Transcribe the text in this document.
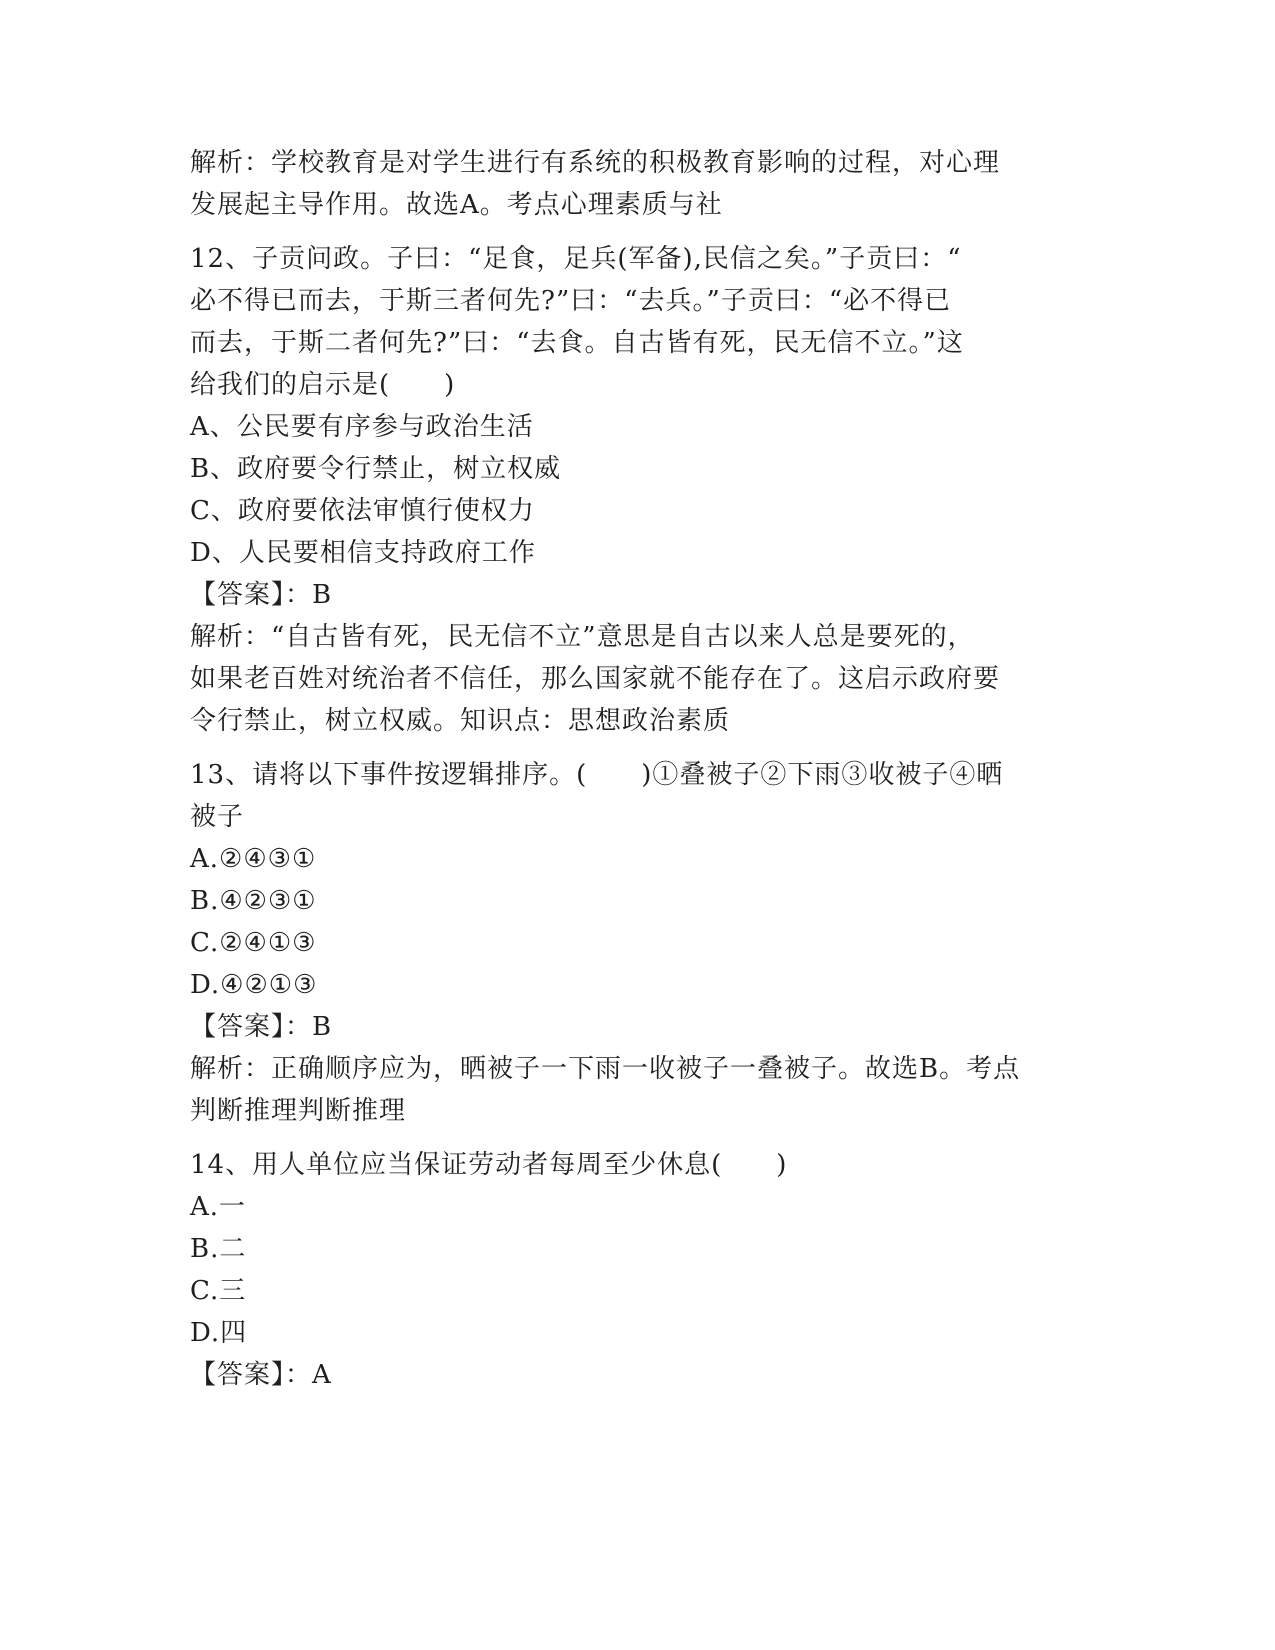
解析：学校教育是对学生进行有系统的积极教育影响的过程，对心理
发展起主导作用。故选A。考点心理素质与社
12、子贡问政。子曰：“足食，足兵(军备),民信之矣。”子贡曰：“
必不得已而去，于斯三者何先?”曰：“去兵。”子贡曰：“必不得已
而去，于斯二者何先?”曰：“去食。自古皆有死，民无信不立。”这
给我们的启示是(　　)
A、公民要有序参与政治生活
B、政府要令行禁止，树立权威
C、政府要依法审慎行使权力
D、人民要相信支持政府工作
【答案】：B
解析：“自古皆有死，民无信不立”意思是自古以来人总是要死的，
如果老百姓对统治者不信任，那么国家就不能存在了。这启示政府要
令行禁止，树立权威。知识点：思想政治素质
13、请将以下事件按逻辑排序。(　　)①叠被子②下雨③收被子④晒
被子
A.②④③①
B.④②③①
C.②④①③
D.④②①③
【答案】：B
解析：正确顺序应为，晒被子一下雨一收被子一叠被子。故选B。考点
判断推理判断推理
14、用人单位应当保证劳动者每周至少休息(　　)
A.一
B.二
C.三
D.四
【答案】：A
